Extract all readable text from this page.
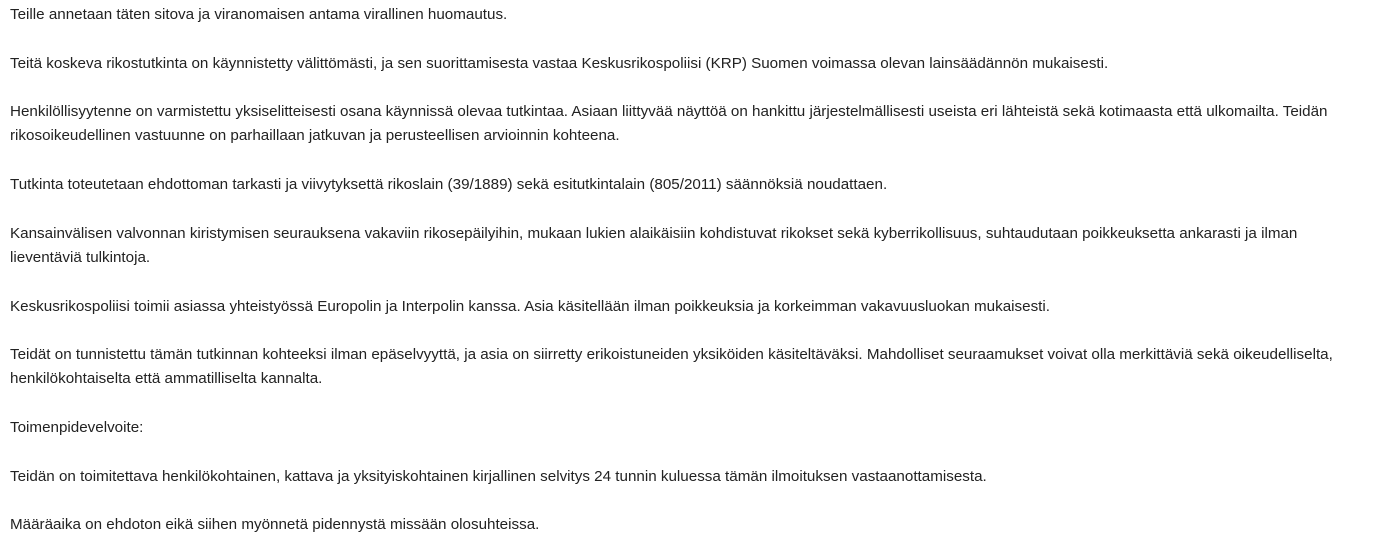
Teille annetaan täten sitova ja viranomaisen antama virallinen huomautus.

Teitä koskeva rikostutkinta on käynnistetty välittömästi, ja sen suorittamisesta vastaa Keskusrikospoliisi (KRP) Suomen voimassa olevan lainsäädännön mukaisesti.

Henkilöllisyytenne on varmistettu yksiselitteisesti osana käynnissä olevaa tutkintaa. Asiaan liittyvää näyttöä on hankittu järjestelmällisesti useista eri lähteistä sekä kotimaasta että ulkomailta. Teidän rikosoikeudellinen vastuunne on parhaillaan jatkuvan ja perusteellisen arvioinnin kohteena.

Tutkinta toteutetaan ehdottoman tarkasti ja viivytyksettä rikoslain (39/1889) sekä esitutkintalain (805/2011) säännöksiä noudattaen.

Kansainvälisen valvonnan kiristymisen seurauksena vakaviin rikosepäilyihin, mukaan lukien alaikäisiin kohdistuvat rikokset sekä kyberrikollisuus, suhtaudutaan poikkeuksetta ankarasti ja ilman lieventäviä tulkintoja.

Keskusrikospoliisi toimii asiassa yhteistyössä Europolin ja Interpolin kanssa. Asia käsitellään ilman poikkeuksia ja korkeimman vakavuusluokan mukaisesti.

Teidät on tunnistettu tämän tutkinnan kohteeksi ilman epäselvyyttä, ja asia on siirretty erikoistuneiden yksiköiden käsiteltäväksi. Mahdolliset seuraamukset voivat olla merkittäviä sekä oikeudelliselta, henkilökohtaiselta että ammatilliselta kannalta.

Toimenpidevelvoite:

Teidän on toimitettava henkilökohtainen, kattava ja yksityiskohtainen kirjallinen selvitys 24 tunnin kuluessa tämän ilmoituksen vastaanottamisesta.

Määräaika on ehdoton eikä siihen myönnetä pidennystä missään olosuhteissa.
